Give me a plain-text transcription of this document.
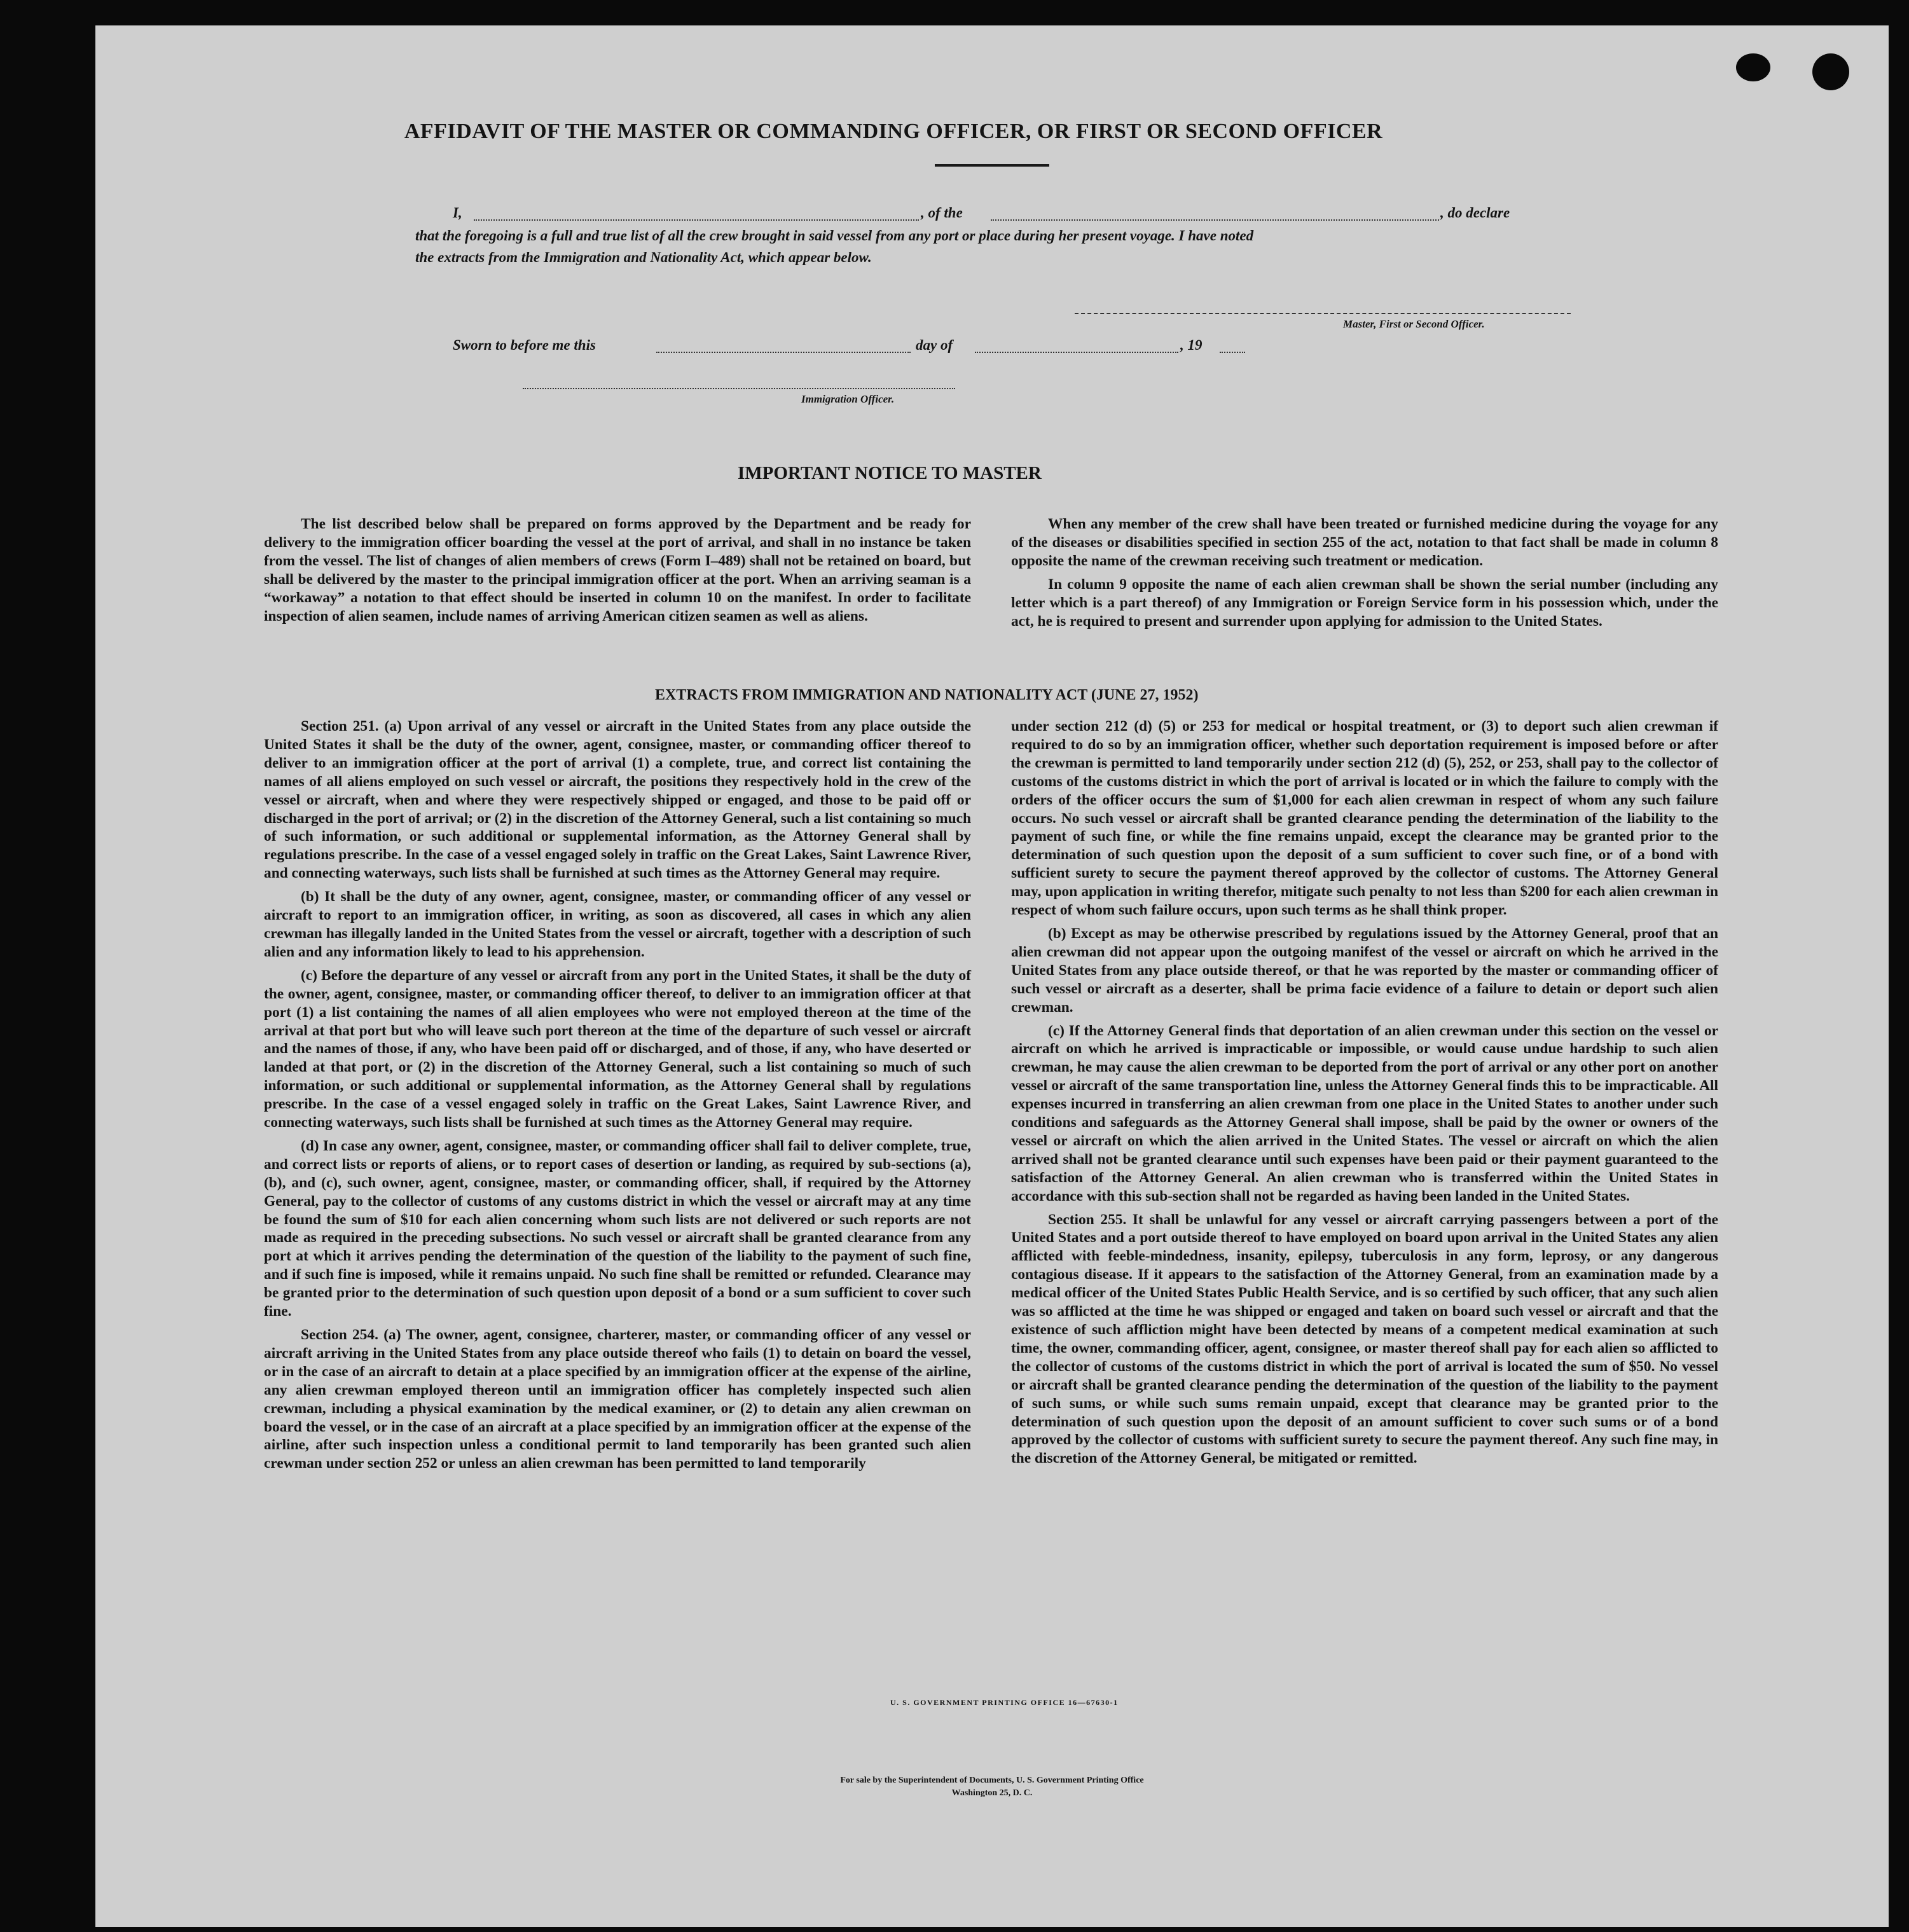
AFFIDAVIT OF THE MASTER OR COMMANDING OFFICER, OR FIRST OR SECOND OFFICER
I,	, of the	, do declare
that the foregoing is a full and true list of all the crew brought in said vessel from any port or place during her present voyage. I have noted
the extracts from the Immigration and Nationality Act, which appear below.
Master, First or Second Officer.
Sworn to before me this	day of	, 19
Immigration Officer.
IMPORTANT NOTICE TO MASTER

The list described below shall be prepared on forms approved by the Department and be ready for delivery to the immigration officer boarding the vessel at the port of arrival, and shall in no instance be taken from the vessel. The list of changes of alien members of crews (Form I–489) shall not be retained on board, but shall be delivered by the master to the principal immigration officer at the port. When an arriving seaman is a “workaway” a notation to that effect should be inserted in column 10 on the manifest. In order to facilitate inspection of alien seamen, include names of arriving American citizen seamen as well as aliens.

When any member of the crew shall have been treated or furnished medicine during the voyage for any of the diseases or disabilities specified in section 255 of the act, notation to that fact shall be made in column 8 opposite the name of the crewman receiving such treatment or medication.

In column 9 opposite the name of each alien crewman shall be shown the serial number (including any letter which is a part thereof) of any Immigration or Foreign Service form in his possession which, under the act, he is required to present and surrender upon applying for admission to the United States.

EXTRACTS FROM IMMIGRATION AND NATIONALITY ACT (JUNE 27, 1952)

Section 251. (a) Upon arrival of any vessel or aircraft in the United States from any place outside the United States it shall be the duty of the owner, agent, consignee, master, or commanding officer thereof to deliver to an immigration officer at the port of arrival (1) a complete, true, and correct list containing the names of all aliens employed on such vessel or aircraft, the positions they respectively hold in the crew of the vessel or aircraft, when and where they were respectively shipped or engaged, and those to be paid off or discharged in the port of arrival; or (2) in the discretion of the Attorney General, such a list containing so much of such information, or such additional or supplemental information, as the Attorney General shall by regulations prescribe. In the case of a vessel engaged solely in traffic on the Great Lakes, Saint Lawrence River, and connecting waterways, such lists shall be furnished at such times as the Attorney General may require.

(b) It shall be the duty of any owner, agent, consignee, master, or commanding officer of any vessel or aircraft to report to an immigration officer, in writing, as soon as discovered, all cases in which any alien crewman has illegally landed in the United States from the vessel or aircraft, together with a description of such alien and any information likely to lead to his apprehension.

(c) Before the departure of any vessel or aircraft from any port in the United States, it shall be the duty of the owner, agent, consignee, master, or commanding officer thereof, to deliver to an immigration officer at that port (1) a list containing the names of all alien employees who were not employed thereon at the time of the arrival at that port but who will leave such port thereon at the time of the departure of such vessel or aircraft and the names of those, if any, who have been paid off or discharged, and of those, if any, who have deserted or landed at that port, or (2) in the discretion of the Attorney General, such a list containing so much of such information, or such additional or supplemental information, as the Attorney General shall by regulations prescribe. In the case of a vessel engaged solely in traffic on the Great Lakes, Saint Lawrence River, and connecting waterways, such lists shall be furnished at such times as the Attorney General may require.

(d) In case any owner, agent, consignee, master, or commanding officer shall fail to deliver complete, true, and correct lists or reports of aliens, or to report cases of desertion or landing, as required by sub-sections (a), (b), and (c), such owner, agent, consignee, master, or commanding officer, shall, if required by the Attorney General, pay to the collector of customs of any customs district in which the vessel or aircraft may at any time be found the sum of $10 for each alien concerning whom such lists are not delivered or such reports are not made as required in the preceding subsections. No such vessel or aircraft shall be granted clearance from any port at which it arrives pending the determination of the question of the liability to the payment of such fine, and if such fine is imposed, while it remains unpaid. No such fine shall be remitted or refunded. Clearance may be granted prior to the determination of such question upon deposit of a bond or a sum sufficient to cover such fine.

Section 254. (a) The owner, agent, consignee, charterer, master, or commanding officer of any vessel or aircraft arriving in the United States from any place outside thereof who fails (1) to detain on board the vessel, or in the case of an aircraft to detain at a place specified by an immigration officer at the expense of the airline, any alien crewman employed thereon until an immigration officer has completely inspected such alien crewman, including a physical examination by the medical examiner, or (2) to detain any alien crewman on board the vessel, or in the case of an aircraft at a place specified by an immigration officer at the expense of the airline, after such inspection unless a conditional permit to land temporarily has been granted such alien crewman under section 252 or unless an alien crewman has been permitted to land temporarily

under section 212 (d) (5) or 253 for medical or hospital treatment, or (3) to deport such alien crewman if required to do so by an immigration officer, whether such deportation requirement is imposed before or after the crewman is permitted to land temporarily under section 212 (d) (5), 252, or 253, shall pay to the collector of customs of the customs district in which the port of arrival is located or in which the failure to comply with the orders of the officer occurs the sum of $1,000 for each alien crewman in respect of whom any such failure occurs. No such vessel or aircraft shall be granted clearance pending the determination of the liability to the payment of such fine, or while the fine remains unpaid, except the clearance may be granted prior to the determination of such question upon the deposit of a sum sufficient to cover such fine, or of a bond with sufficient surety to secure the payment thereof approved by the collector of customs. The Attorney General may, upon application in writing therefor, mitigate such penalty to not less than $200 for each alien crewman in respect of whom such failure occurs, upon such terms as he shall think proper.

(b) Except as may be otherwise prescribed by regulations issued by the Attorney General, proof that an alien crewman did not appear upon the outgoing manifest of the vessel or aircraft on which he arrived in the United States from any place outside thereof, or that he was reported by the master or commanding officer of such vessel or aircraft as a deserter, shall be prima facie evidence of a failure to detain or deport such alien crewman.

(c) If the Attorney General finds that deportation of an alien crewman under this section on the vessel or aircraft on which he arrived is impracticable or impossible, or would cause undue hardship to such alien crewman, he may cause the alien crewman to be deported from the port of arrival or any other port on another vessel or aircraft of the same transportation line, unless the Attorney General finds this to be impracticable. All expenses incurred in transferring an alien crewman from one place in the United States to another under such conditions and safeguards as the Attorney General shall impose, shall be paid by the owner or owners of the vessel or aircraft on which the alien arrived in the United States. The vessel or aircraft on which the alien arrived shall not be granted clearance until such expenses have been paid or their payment guaranteed to the satisfaction of the Attorney General. An alien crewman who is transferred within the United States in accordance with this sub-section shall not be regarded as having been landed in the United States.

Section 255. It shall be unlawful for any vessel or aircraft carrying passengers between a port of the United States and a port outside thereof to have employed on board upon arrival in the United States any alien afflicted with feeble-mindedness, insanity, epilepsy, tuberculosis in any form, leprosy, or any dangerous contagious disease. If it appears to the satisfaction of the Attorney General, from an examination made by a medical officer of the United States Public Health Service, and is so certified by such officer, that any such alien was so afflicted at the time he was shipped or engaged and taken on board such vessel or aircraft and that the existence of such affliction might have been detected by means of a competent medical examination at such time, the owner, commanding officer, agent, consignee, or master thereof shall pay for each alien so afflicted to the collector of customs of the customs district in which the port of arrival is located the sum of $50. No vessel or aircraft shall be granted clearance pending the determination of the question of the liability to the payment of such sums, or while such sums remain unpaid, except that clearance may be granted prior to the determination of such question upon the deposit of an amount sufficient to cover such sums or of a bond approved by the collector of customs with sufficient surety to secure the payment thereof. Any such fine may, in the discretion of the Attorney General, be mitigated or remitted.

U. S. GOVERNMENT PRINTING OFFICE 16—67630-1
For sale by the Superintendent of Documents, U. S. Government Printing Office
Washington 25, D. C.
